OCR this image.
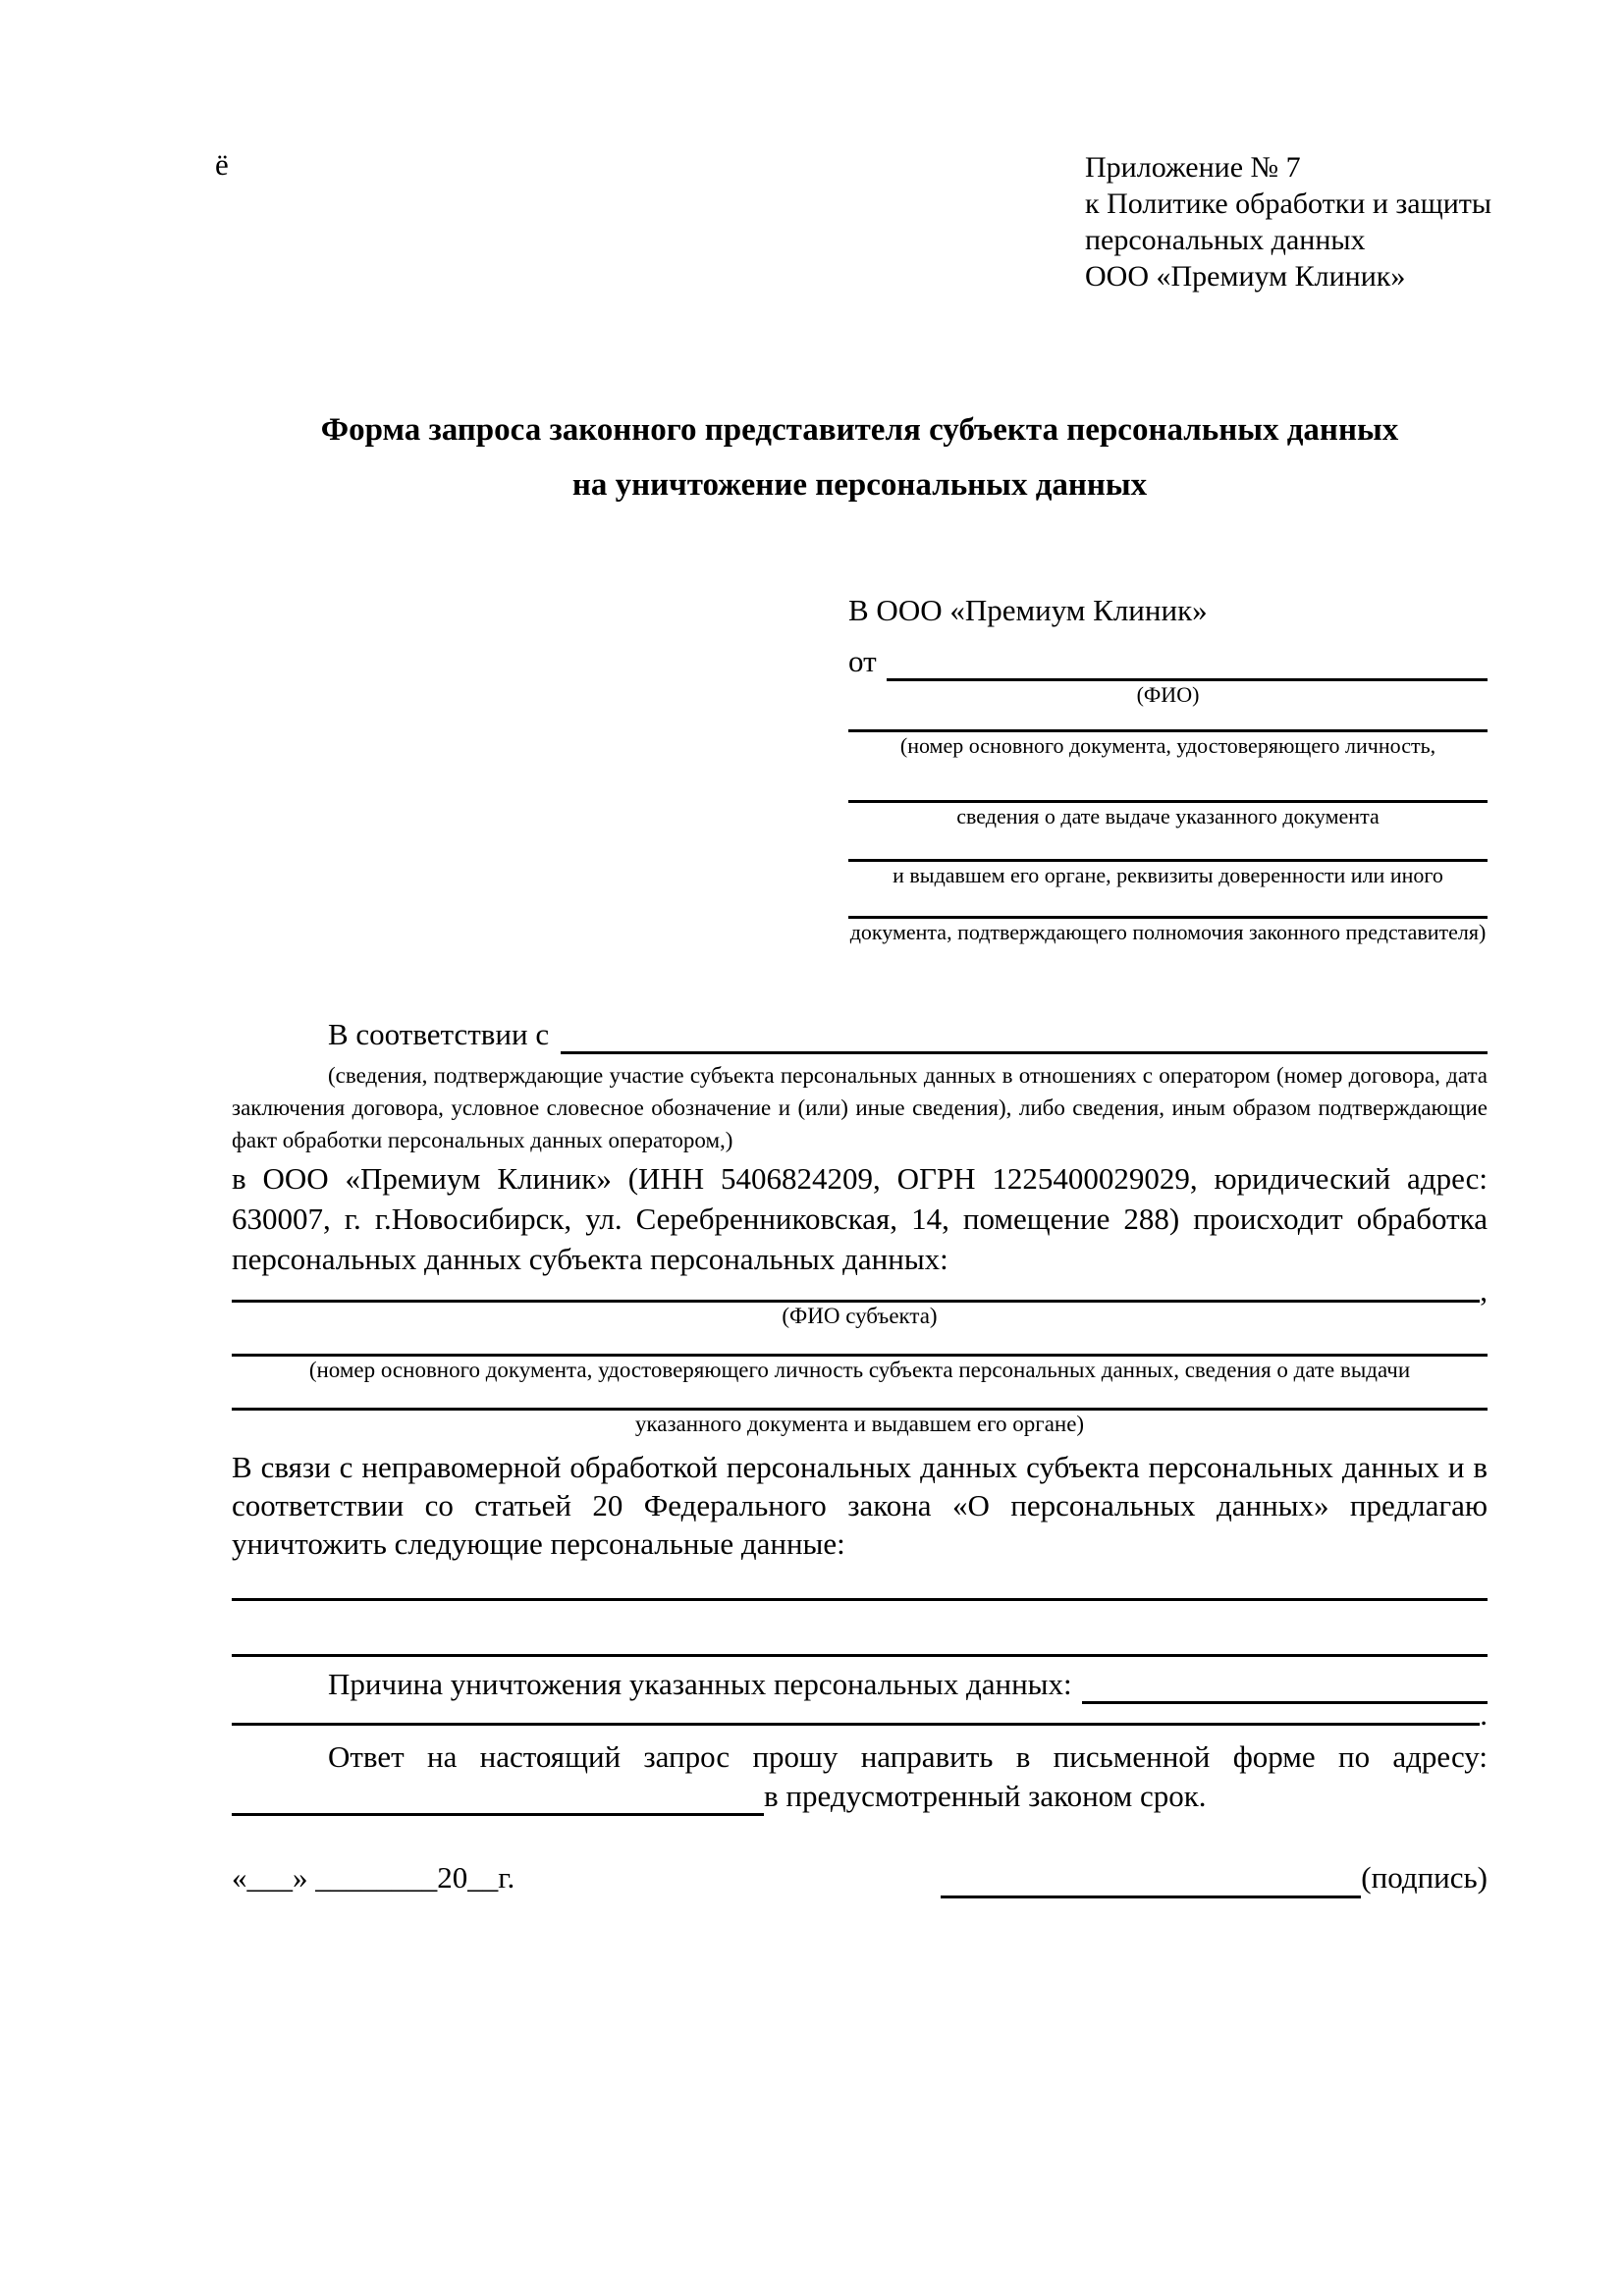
ё	Приложение № 7
к Политике обработки и защиты
персональных данных
ООО «Премиум Клиник»
Форма запроса законного представителя субъекта персональных данных
на уничтожение персональных данных
В ООО «Премиум Клиник»
от
(ФИО)
(номер основного документа, удостоверяющего личность,
сведения о дате выдаче указанного документа
и выдавшем его органе, реквизиты доверенности или иного
документа, подтверждающего полномочия законного представителя)
В соответствии с
(сведения, подтверждающие участие субъекта персональных данных в отношениях с оператором (номер договора, дата заключения договора, условное словесное обозначение и (или) иные сведения), либо сведения, иным образом подтверждающие факт обработки персональных данных оператором,)
в ООО «Премиум Клиник» (ИНН 5406824209, ОГРН 1225400029029, юридический адрес: 630007, г. г.Новосибирск, ул. Серебренниковская, 14, помещение 288) происходит обработка персональных данных субъекта персональных данных:
,
(ФИО субъекта)
(номер основного документа, удостоверяющего личность субъекта персональных данных, сведения о дате выдачи
указанного документа и выдавшем его органе)
В связи с неправомерной обработкой персональных данных субъекта персональных данных и в соответствии со статьей 20 Федерального закона «О персональных данных» предлагаю уничтожить следующие персональные данные:
Причина уничтожения указанных персональных данных:
.
Ответ на настоящий запрос прошу направить в письменной форме по адресу:
в предусмотренный законом срок.
«___» ________20__г.	(подпись)
